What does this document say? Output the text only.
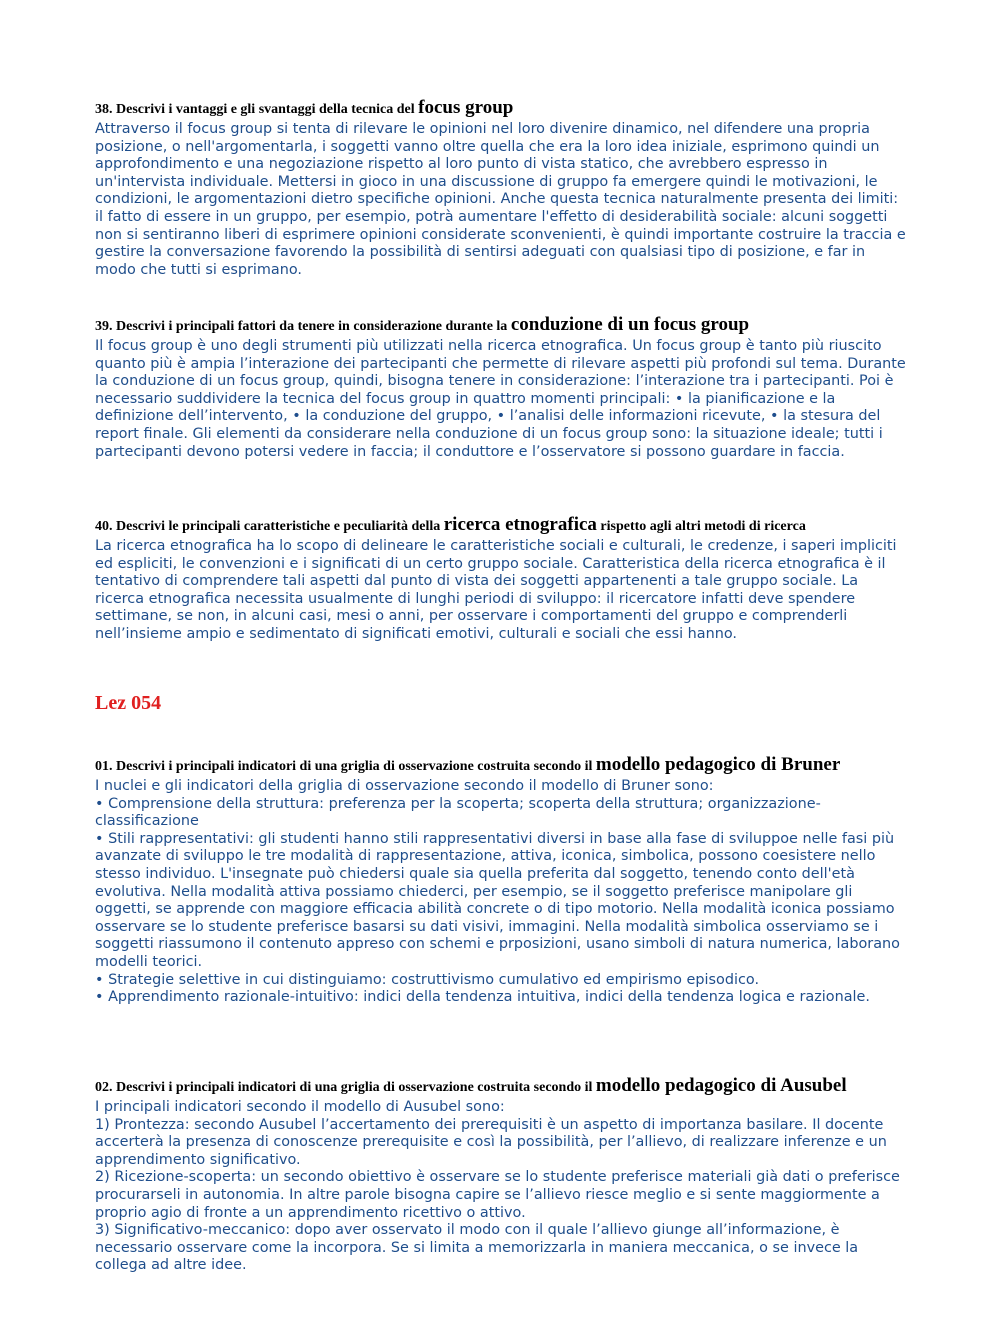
38. Descrivi i vantaggi e gli svantaggi della tecnica del focus group
Attraverso il focus group si tenta di rilevare le opinioni nel loro divenire dinamico, nel difendere una propria posizione, o nell'argomentarla, i soggetti vanno oltre quella che era la loro idea iniziale, esprimono quindi un approfondimento e una negoziazione rispetto al loro punto di vista statico, che avrebbero espresso in un'intervista individuale. Mettersi in gioco in una discussione di gruppo fa emergere quindi le motivazioni, le condizioni, le argomentazioni dietro specifiche opinioni. Anche questa tecnica naturalmente presenta dei limiti: il fatto di essere in un gruppo, per esempio, potrà aumentare l'effetto di desiderabilità sociale: alcuni soggetti non si sentiranno liberi di esprimere opinioni considerate sconvenienti, è quindi importante costruire la traccia e gestire la conversazione favorendo la possibilità di sentirsi adeguati con qualsiasi tipo di posizione, e far in modo che tutti si esprimano.
39. Descrivi i principali fattori da tenere in considerazione durante la conduzione di un focus group
Il focus group è uno degli strumenti più utilizzati nella ricerca etnografica. Un focus group è tanto più riuscito quanto più è ampia l’interazione dei partecipanti che permette di rilevare aspetti più profondi sul tema. Durante la conduzione di un focus group, quindi, bisogna tenere in considerazione: l’interazione tra i partecipanti. Poi è necessario suddividere la tecnica del focus group in quattro momenti principali: • la pianificazione e la definizione dell’intervento, • la conduzione del gruppo, • l’analisi delle informazioni ricevute, • la stesura del report finale. Gli elementi da considerare nella conduzione di un focus group sono: la situazione ideale; tutti i partecipanti devono potersi vedere in faccia; il conduttore e l’osservatore si possono guardare in faccia.
40. Descrivi le principali caratteristiche e peculiarità della ricerca etnografica rispetto agli altri metodi di ricerca
La ricerca etnografica ha lo scopo di delineare le caratteristiche sociali e culturali, le credenze, i saperi impliciti ed espliciti, le convenzioni e i significati di un certo gruppo sociale. Caratteristica della ricerca etnografica è il tentativo di comprendere tali aspetti dal punto di vista dei soggetti appartenenti a tale gruppo sociale. La ricerca etnografica necessita usualmente di lunghi periodi di sviluppo: il ricercatore infatti deve spendere settimane, se non, in alcuni casi, mesi o anni, per osservare i comportamenti del gruppo e comprenderli nell’insieme ampio e sedimentato di significati emotivi, culturali e sociali che essi hanno.
Lez 054
01. Descrivi i principali indicatori di una griglia di osservazione costruita secondo il modello pedagogico di Bruner

I nuclei e gli indicatori della griglia di osservazione secondo il modello di Bruner sono:

• Comprensione della struttura: preferenza per la scoperta; scoperta della struttura; organizzazione-classificazione

• Stili rappresentativi: gli studenti hanno stili rappresentativi diversi in base alla fase di sviluppoe nelle fasi più avanzate di sviluppo le tre modalità di rappresentazione, attiva, iconica, simbolica, possono coesistere nello stesso individuo. L'insegnate può chiedersi quale sia quella preferita dal soggetto, tenendo conto dell'età evolutiva. Nella modalità attiva possiamo chiederci, per esempio, se il soggetto preferisce manipolare gli oggetti, se apprende con maggiore efficacia abilità concrete o di tipo motorio. Nella modalità iconica possiamo osservare se lo studente preferisce basarsi su dati visivi, immagini. Nella modalità simbolica osserviamo se i soggetti riassumono il contenuto appreso con schemi e prposizioni, usano simboli di natura numerica, laborano modelli teorici.

• Strategie selettive in cui distinguiamo: costruttivismo cumulativo ed empirismo episodico.

• Apprendimento razionale-intuitivo: indici della tendenza intuitiva, indici della tendenza logica e razionale.

02. Descrivi i principali indicatori di una griglia di osservazione costruita secondo il modello pedagogico di Ausubel

I principali indicatori secondo il modello di Ausubel sono:

1) Prontezza: secondo Ausubel l’accertamento dei prerequisiti è un aspetto di importanza basilare. Il docente accerterà la presenza di conoscenze prerequisite e così la possibilità, per l’allievo, di realizzare inferenze e un apprendimento significativo.

2) Ricezione-scoperta: un secondo obiettivo è osservare se lo studente preferisce materiali già dati o preferisce procurarseli in autonomia. In altre parole bisogna capire se l’allievo riesce meglio e si sente maggiormente a proprio agio di fronte a un apprendimento ricettivo o attivo.

3) Significativo-meccanico: dopo aver osservato il modo con il quale l’allievo giunge all’informazione, è necessario osservare come la incorpora. Se si limita a memorizzarla in maniera meccanica, o se invece la collega ad altre idee.
